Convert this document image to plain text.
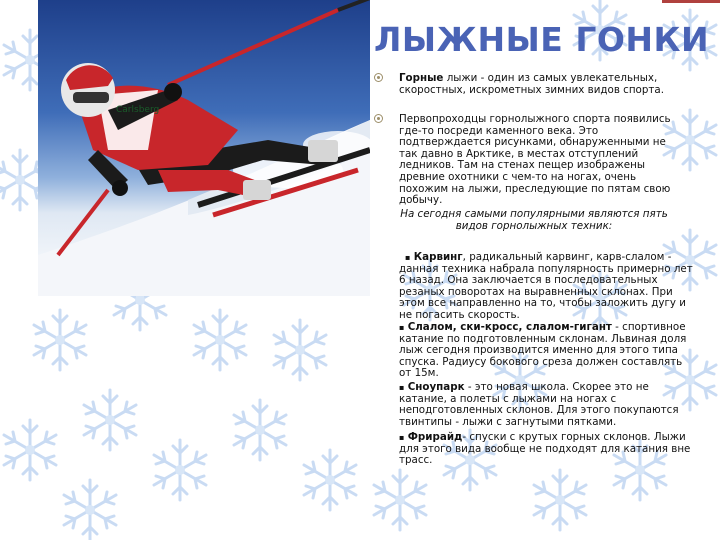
Carlsberg
ЛЫЖНЫЕ ГОНКИ
Горные лыжи - один из самых увлекательных, скоростных, искрометных зимних видов спорта.
Первопроходцы горнолыжного спорта появились где-то посреди каменного века. Это подтверждается рисунками, обнаруженными не так давно в Арктике, в местах отступлений ледников. Там на стенах пещер изображены древние охотники с чем-то на ногах, очень похожим на лыжи, преследующие по пятам свою добычу.
На сегодня самыми популярными являются пять видов горнолыжных техник:
▪ Карвинг, радикальный карвинг, карв-слалом - данная техника набрала популярность примерно лет 6 назад. Она заключается в последовательных резаных поворотах на выравненных склонах. При этом все направленно на то, чтобы заложить дугу и не погасить скорость.
▪ Слалом, ски-кросс, слалом-гигант - спортивное катание по подготовленным склонам. Львиная доля лыж сегодня производится именно для этого типа спуска. Радиусу бокового среза должен составлять от 15м.
▪ Сноупарк - это новая школа. Скорее это не катание, а полеты с лыжами на ногах с неподготовленных склонов. Для этого покупаются твинтипы - лыжи с загнутыми пятками.
▪ Фрирайд- спуски с крутых горных склонов. Лыжи для этого вида вообще не подходят для катания вне трасс.
